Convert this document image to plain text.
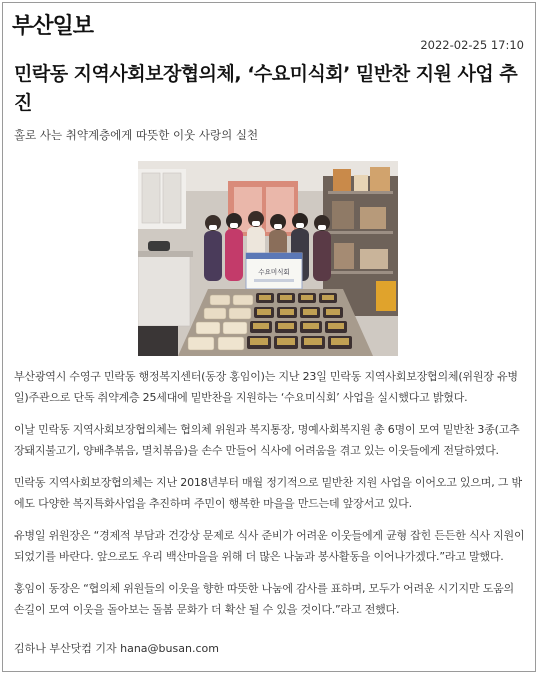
부산일보
2022-02-25 17:10
민락동 지역사회보장협의체, ‘수요미식회’ 밑반찬 지원 사업 추진
홀로 사는 취약계층에게 따뜻한 이웃 사랑의 실천
수요미식회

부산광역시 수영구 민락동 행정복지센터(동장 홍임이)는 지난 23일 민락동 지역사회보장협의체(위원장 유병일)주관으로 단독 취약계층 25세대에 밑반찬을 지원하는 ‘수요미식회’ 사업을 실시했다고 밝혔다.

이날 민락동 지역사회보장협의체는 협의체 위원과 복지통장, 명예사회복지원 총 6명이 모여 밑반찬 3종(고추장돼지불고기, 양배추볶음, 멸치볶음)을 손수 만들어 식사에 어려움을 겪고 있는 이웃들에게 전달하였다.

민락동 지역사회보장협의체는 지난 2018년부터 매월 정기적으로 밑반찬 지원 사업을 이어오고 있으며, 그 밖에도 다양한 복지특화사업을 추진하며 주민이 행복한 마을을 만드는데 앞장서고 있다.

유병일 위원장은 “경제적 부담과 건강상 문제로 식사 준비가 어려운 이웃들에게 균형 잡힌 든든한 식사 지원이 되었기를 바란다. 앞으로도 우리 백산마을을 위해 더 많은 나눔과 봉사활동을 이어나가겠다.”라고 말했다.

홍임이 동장은 “협의체 위원들의 이웃을 향한 따뜻한 나눔에 감사를 표하며, 모두가 어려운 시기지만 도움의 손길이 모여 이웃을 돌아보는 돌봄 문화가 더 확산 될 수 있을 것이다.”라고 전했다.

김하나 부산닷컴 기자 hana@busan.com
